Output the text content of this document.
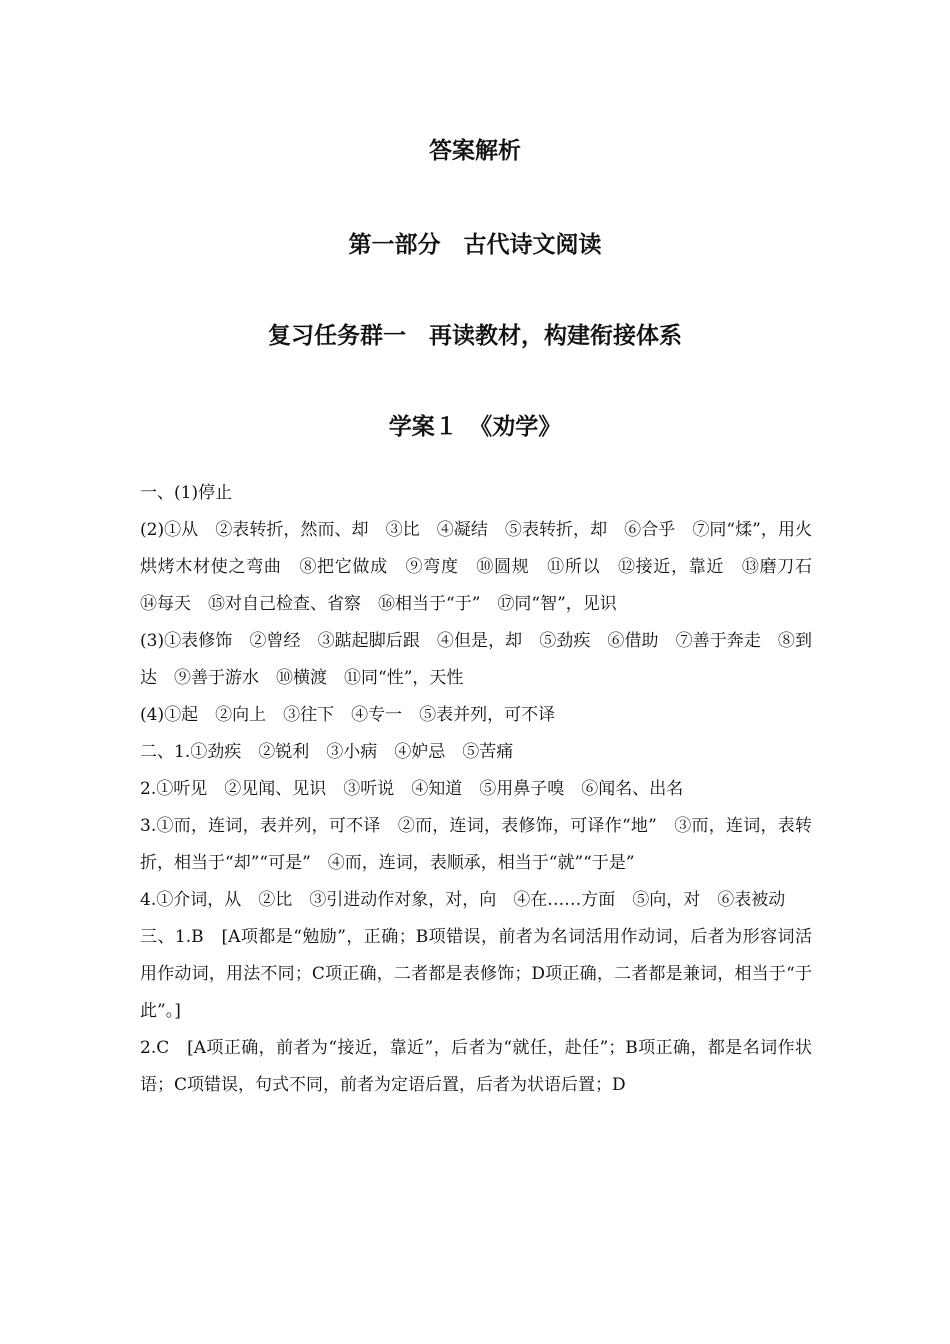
答案解析
第一部分　古代诗文阅读
复习任务群一　再读教材，构建衔接体系
学案１　《劝学》

一、(1)停止

(2)①从　②表转折，然而、却　③比　④凝结　⑤表转折，却　⑥合乎　⑦同“煣”，用火烘烤木材使之弯曲　⑧把它做成　⑨弯度　⑩圆规　⑪所以　⑫接近，靠近　⑬磨刀石　⑭每天　⑮对自己检查、省察　⑯相当于“于”　⑰同“智”，见识

(3)①表修饰　②曾经　③踮起脚后跟　④但是，却　⑤劲疾　⑥借助　⑦善于奔走　⑧到达　⑨善于游水　⑩横渡　⑪同“性”，天性

(4)①起　②向上　③往下　④专一　⑤表并列，可不译

二、1.①劲疾　②锐利　③小病　④妒忌　⑤苦痛

2.①听见　②见闻、见识　③听说　④知道　⑤用鼻子嗅　⑥闻名、出名

3.①而，连词，表并列，可不译　②而，连词，表修饰，可译作“地”　③而，连词，表转折，相当于“却”“可是”　④而，连词，表顺承，相当于“就”“于是”

4.①介词，从　②比　③引进动作对象，对，向　④在……方面　⑤向，对　⑥表被动

三、1.B　[A项都是“勉励”，正确；B项错误，前者为名词活用作动词，后者为形容词活用作动词，用法不同；C项正确，二者都是表修饰；D项正确，二者都是兼词，相当于“于此”。]

2.C　[A项正确，前者为“接近，靠近”，后者为“就任，赴任”；B项正确，都是名词作状语；C项错误，句式不同，前者为定语后置，后者为状语后置；D
